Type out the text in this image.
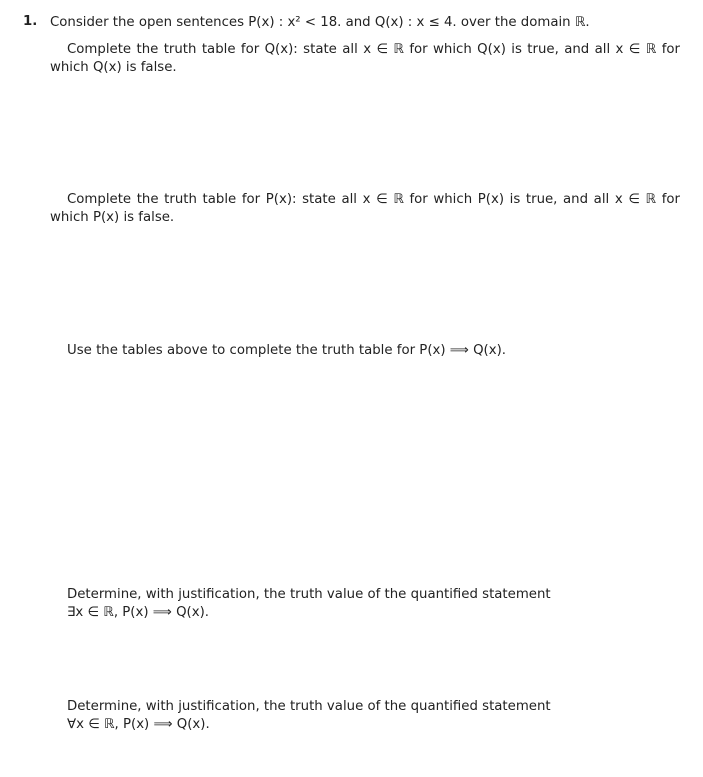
1. Consider the open sentences P(x) : x² < 18. and Q(x) : x ≤ 4. over the domain ℝ.
Complete the truth table for Q(x): state all x ∈ ℝ for which Q(x) is true, and all x ∈ ℝ for which Q(x) is false.
Complete the truth table for P(x): state all x ∈ ℝ for which P(x) is true, and all x ∈ ℝ for which P(x) is false.
Use the tables above to complete the truth table for P(x) ⟹ Q(x).
Determine, with justification, the truth value of the quantified statement
∃x ∈ ℝ, P(x) ⟹ Q(x).
Determine, with justification, the truth value of the quantified statement
∀x ∈ ℝ, P(x) ⟹ Q(x).
